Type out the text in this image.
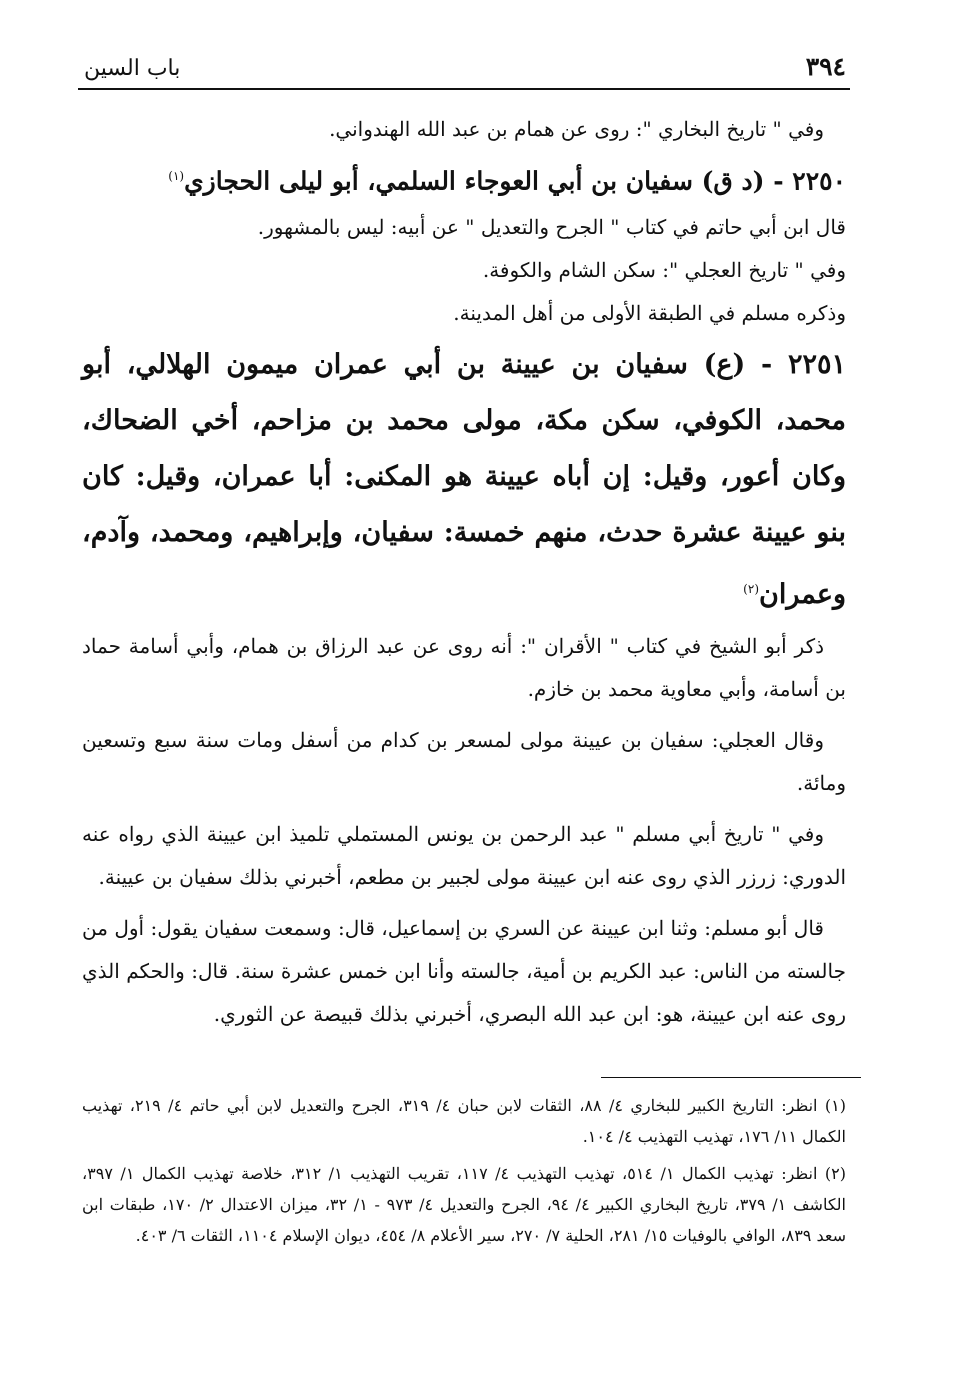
٣٩٤
باب السين
وفي " تاريخ البخاري ": روى عن همام بن عبد الله الهندواني.
٢٢٥٠ - (د ق) سفيان بن أبي العوجاء السلمي، أبو ليلى الحجازي$^{(١)}$
قال ابن أبي حاتم في كتاب " الجرح والتعديل " عن أبيه: ليس بالمشهور.
وفي " تاريخ العجلي ": سكن الشام والكوفة.
وذكره مسلم في الطبقة الأولى من أهل المدينة.
٢٢٥١ - (ع) سفيان بن عيينة بن أبي عمران ميمون الهلالي، أبو محمد، الكوفي، سكن مكة، مولى محمد بن مزاحم، أخي الضحاك، وكان أعور، وقيل: إن أباه عيينة هو المكنى: أبا عمران، وقيل: كان بنو عيينة عشرة حدث، منهم خمسة: سفيان، وإبراهيم، ومحمد، وآدم، وعمران$^{(٢)}$
ذكر أبو الشيخ في كتاب " الأقران ": أنه روى عن عبد الرزاق بن همام، وأبي أسامة حماد بن أسامة، وأبي معاوية محمد بن خازم.
وقال العجلي: سفيان بن عيينة مولى لمسعر بن كدام من أسفل ومات سنة سبع وتسعين ومائة.
وفي " تاريخ أبي مسلم " عبد الرحمن بن يونس المستملي تلميذ ابن عيينة الذي رواه عنه الدوري: زرزر الذي روى عنه ابن عيينة مولى لجبير بن مطعم، أخبرني بذلك سفيان بن عيينة.
قال أبو مسلم: وثنا ابن عيينة عن السري بن إسماعيل، قال: وسمعت سفيان يقول: أول من جالسته من الناس: عبد الكريم بن أمية، جالسته وأنا ابن خمس عشرة سنة. قال: والحكم الذي روى عنه ابن عيينة، هو: ابن عبد الله البصري، أخبرني بذلك قبيصة عن الثوري.
(١) انظر: التاريخ الكبير للبخاري ٤/ ٨٨، الثقات لابن حبان ٤/ ٣١٩، الجرح والتعديل لابن أبي حاتم ٤/ ٢١٩، تهذيب الكمال ١١/ ١٧٦، تهذيب التهذيب ٤/ ١٠٤.
(٢) انظر: تهذيب الكمال ١/ ٥١٤، تهذيب التهذيب ٤/ ١١٧، تقريب التهذيب ١/ ٣١٢، خلاصة تهذيب الكمال ١/ ٣٩٧، الكاشف ١/ ٣٧٩، تاريخ البخاري الكبير ٤/ ٩٤، الجرح والتعديل ٤/ ٩٧٣ - ١/ ٣٢، ميزان الاعتدال ٢/ ١٧٠، طبقات ابن سعد ٨٣٩، الوافي بالوفيات ١٥/ ٢٨١، الحلية ٧/ ٢٧٠، سير الأعلام ٨/ ٤٥٤، ديوان الإسلام ١١٠٤، الثقات ٦/ ٤٠٣.
